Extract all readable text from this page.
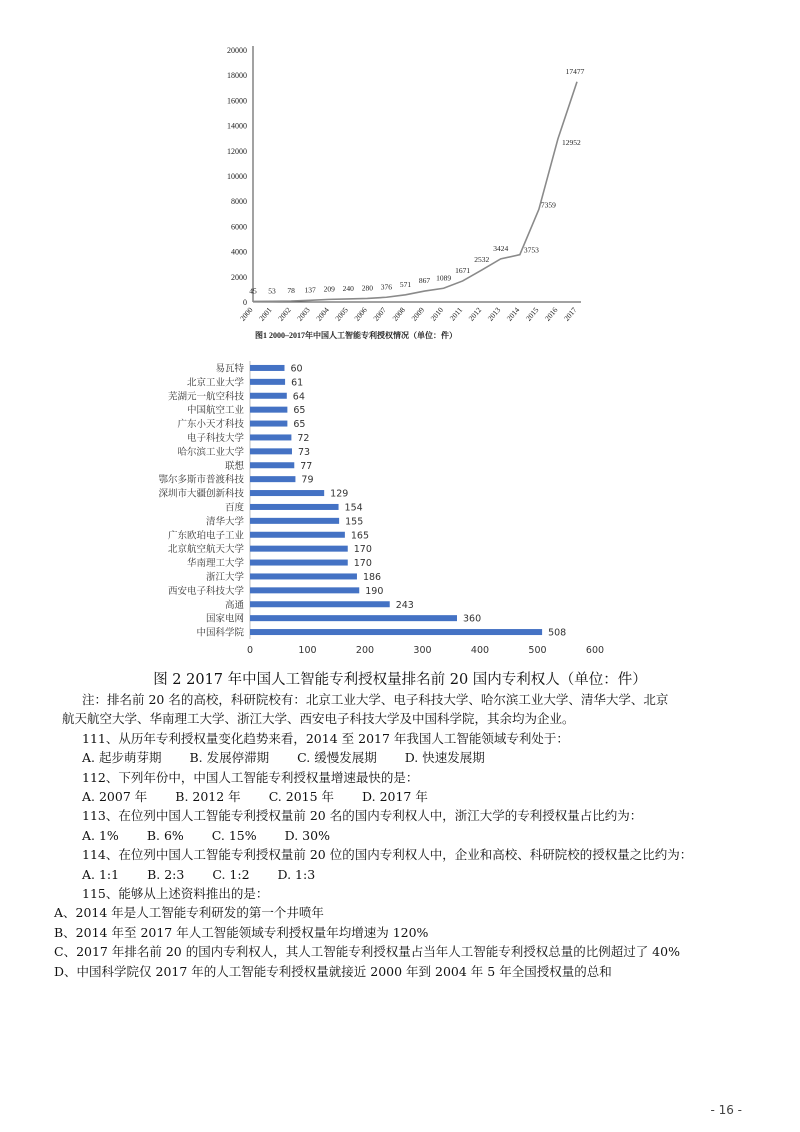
0
2000
4000
6000
8000
10000
12000
14000
16000
18000
20000
2000 2001 2002 2003 2004 2005 2006 2007 2008 2009 2010 2011 2012 2013 2014 2015 2016 2017
45 53 78 137 209 240 280 376 571 867 1089
1671
2532
3424 3753
7359
12952
17477
图1 2000–2017年中国人工智能专利授权情况（单位：件）
易瓦特	60
北京工业大学	61
芜湖元一航空科技	64
中国航空工业	65
广东小天才科技	65
电子科技大学	72
哈尔滨工业大学	73
联想	77
鄂尔多斯市普渡科技	79
深圳市大疆创新科技	129
百度	154
清华大学	155
广东欧珀电子工业	165
北京航空航天大学	170
华南理工大学	170
浙江大学	186
西安电子科技大学	190
高通	243
国家电网	360
中国科学院	508
0	100	200	300	400	500	600
图 2 2017 年中国人工智能专利授权量排名前 20 国内专利权人（单位：件）

注：排名前 20 名的高校，科研院校有：北京工业大学、电子科技大学、哈尔滨工业大学、清华大学、北京

航天航空大学、华南理工大学、浙江大学、西安电子科技大学及中国科学院，其余均为企业。

111、从历年专利授权量变化趋势来看，2014 至 2017 年我国人工智能领域专利处于：

A. 起步萌芽期 B. 发展停滞期 C. 缓慢发展期 D. 快速发展期

112、下列年份中，中国人工智能专利授权量增速最快的是：

A. 2007 年 B. 2012 年 C. 2015 年 D. 2017 年

113、在位列中国人工智能专利授权量前 20 名的国内专利权人中，浙江大学的专利授权量占比约为：

A. 1% B. 6% C. 15% D. 30%

114、在位列中国人工智能专利授权量前 20 位的国内专利权人中，企业和高校、科研院校的授权量之比约为：

A. 1:1 B. 2:3 C. 1:2 D. 1:3

115、能够从上述资料推出的是：

A、2014 年是人工智能专利研发的第一个井喷年

B、2014 年至 2017 年人工智能领域专利授权量年均增速为 120%

C、2017 年排名前 20 的国内专利权人，其人工智能专利授权量占当年人工智能专利授权总量的比例超过了 40%

D、中国科学院仅 2017 年的人工智能专利授权量就接近 2000 年到 2004 年 5 年全国授权量的总和

- 16 -
